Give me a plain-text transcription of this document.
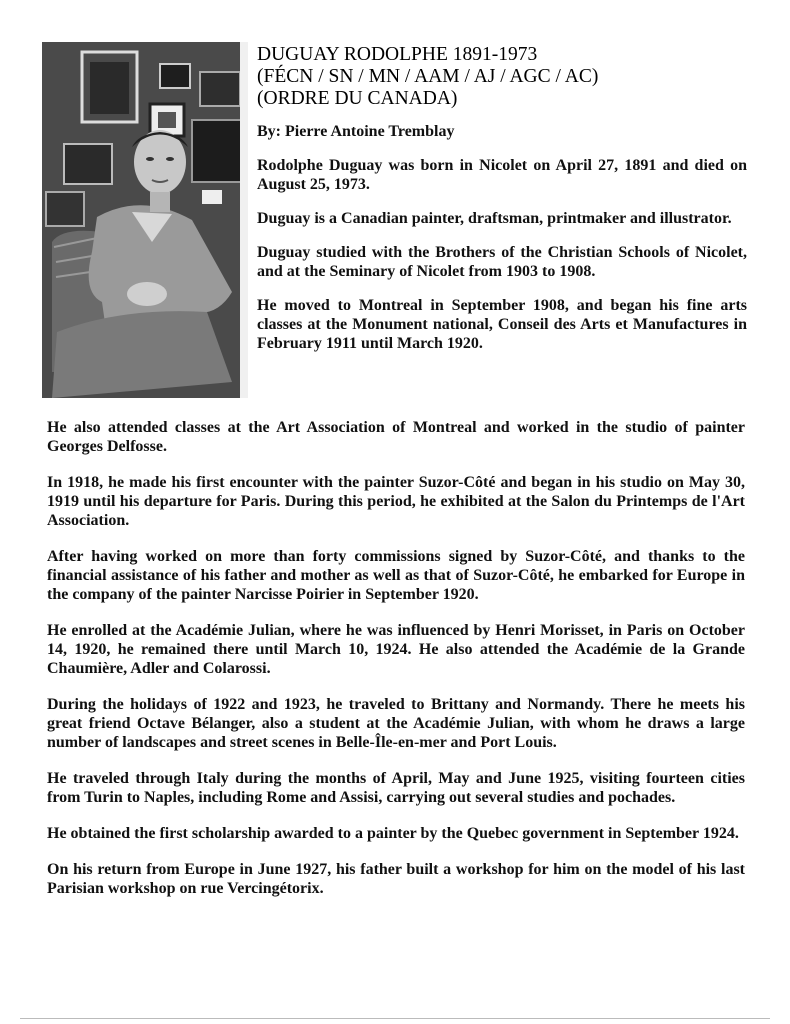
DUGUAY RODOLPHE 1891-1973
(FÉCN / SN / MN / AAM / AJ / AGC / AC)
(ORDRE DU CANADA)
By: Pierre Antoine Tremblay

Rodolphe Duguay was born in Nicolet on April 27, 1891 and died on August 25, 1973.

Duguay is a Canadian painter, draftsman, printmaker and illustrator.

Duguay studied with the Brothers of the Christian Schools of Nicolet, and at the Seminary of Nicolet from 1903 to 1908.

He moved to Montreal in September 1908, and began his fine arts classes at the Monument national, Conseil des Arts et Manufactures in February 1911 until March 1920.

He also attended classes at the Art Association of Montreal and worked in the studio of painter Georges Delfosse.

In 1918, he made his first encounter with the painter Suzor-Côté and began in his studio on May 30, 1919 until his departure for Paris. During this period, he exhibited at the Salon du Printemps de l'Art Association.

After having worked on more than forty commissions signed by Suzor-Côté, and thanks to the financial assistance of his father and mother as well as that of Suzor-Côté, he embarked for Europe in the company of the painter Narcisse Poirier in September 1920.

He enrolled at the Académie Julian, where he was influenced by Henri Morisset, in Paris on October 14, 1920, he remained there until March 10, 1924. He also attended the Académie de la Grande Chaumière, Adler and Colarossi.

During the holidays of 1922 and 1923, he traveled to Brittany and Normandy. There he meets his great friend Octave Bélanger, also a student at the Académie Julian, with whom he draws a large number of landscapes and street scenes in Belle-Île-en-mer and Port Louis.

He traveled through Italy during the months of April, May and June 1925, visiting fourteen cities from Turin to Naples, including Rome and Assisi, carrying out several studies and pochades.

He obtained the first scholarship awarded to a painter by the Quebec government in September 1924.

On his return from Europe in June 1927, his father built a workshop for him on the model of his last Parisian workshop on rue Vercingétorix.
